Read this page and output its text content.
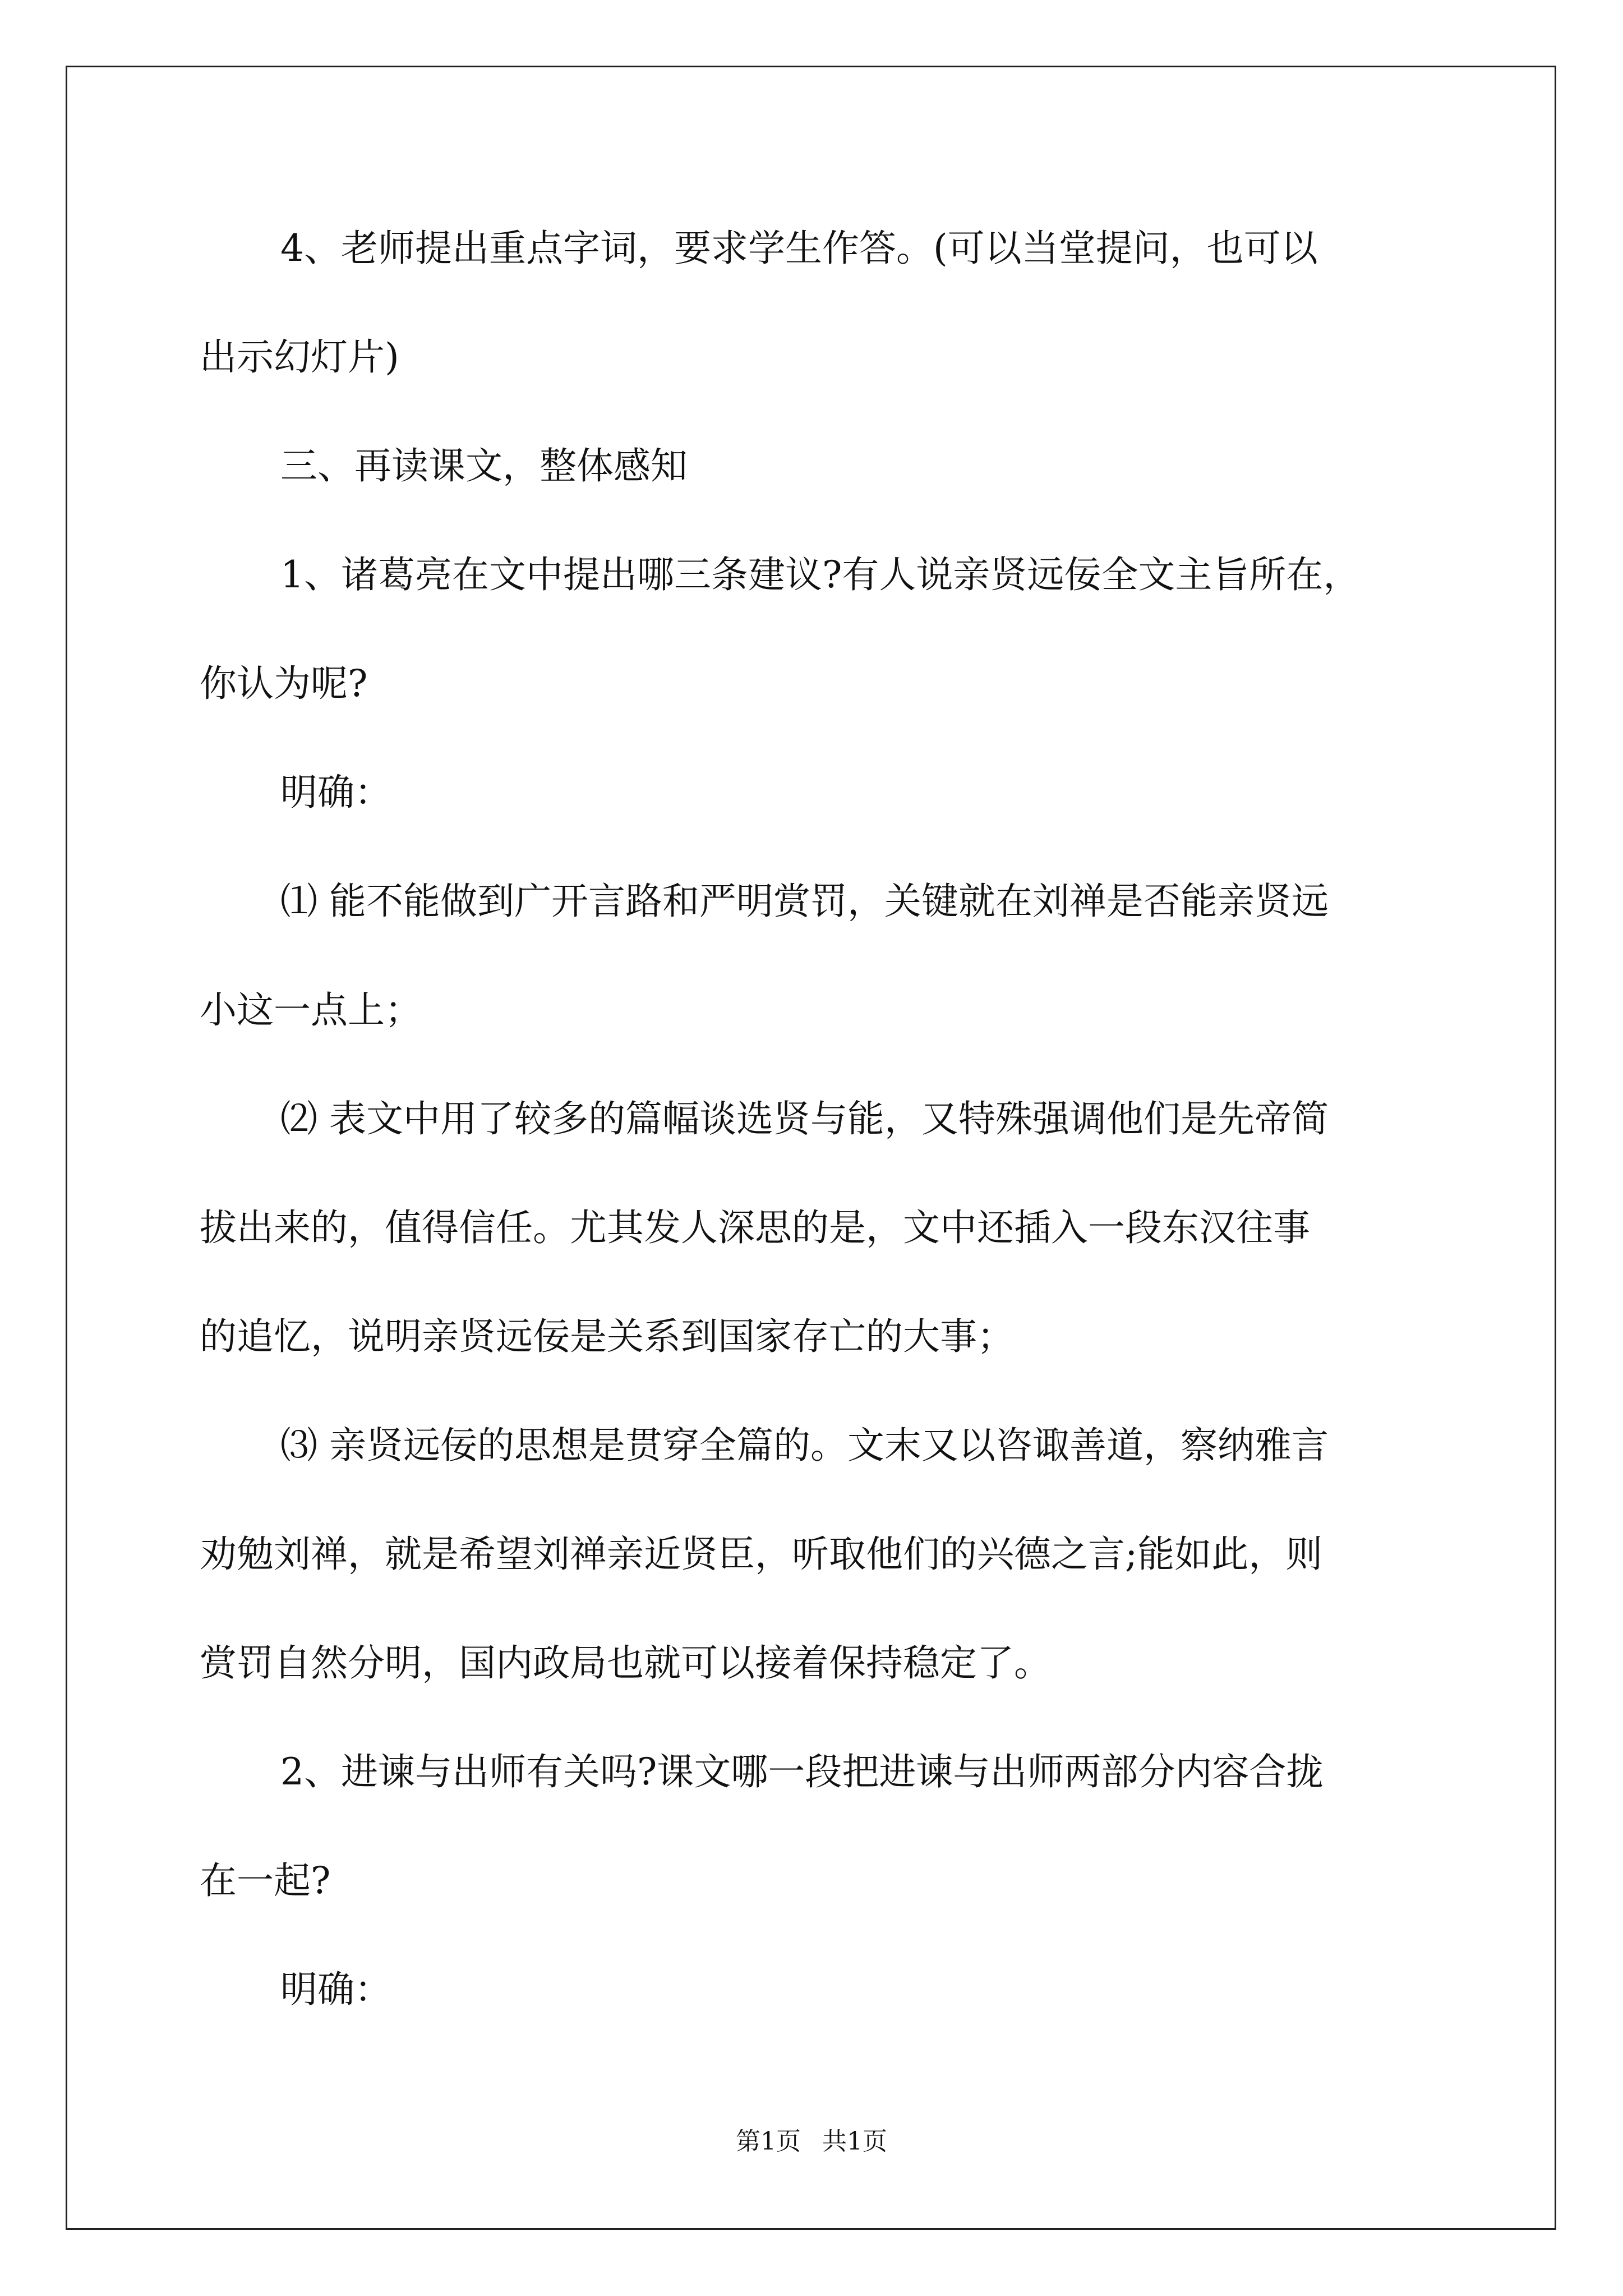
4、老师提出重点字词，要求学生作答。(可以当堂提问，也可以
出示幻灯片)
三、再读课文，整体感知
1、诸葛亮在文中提出哪三条建议?有人说亲贤远佞全文主旨所在，
你认为呢?
明确：
⑴ 能不能做到广开言路和严明赏罚，关键就在刘禅是否能亲贤远
小这一点上；
⑵ 表文中用了较多的篇幅谈选贤与能，又特殊强调他们是先帝简
拔出来的，值得信任。尤其发人深思的是，文中还插入一段东汉往事
的追忆，说明亲贤远佞是关系到国家存亡的大事；
⑶ 亲贤远佞的思想是贯穿全篇的。文末又以咨诹善道，察纳雅言
劝勉刘禅，就是希望刘禅亲近贤臣，听取他们的兴德之言;能如此，则
赏罚自然分明，国内政局也就可以接着保持稳定了。
2、进谏与出师有关吗?课文哪一段把进谏与出师两部分内容合拢
在一起?
明确：
第1页 共1页
